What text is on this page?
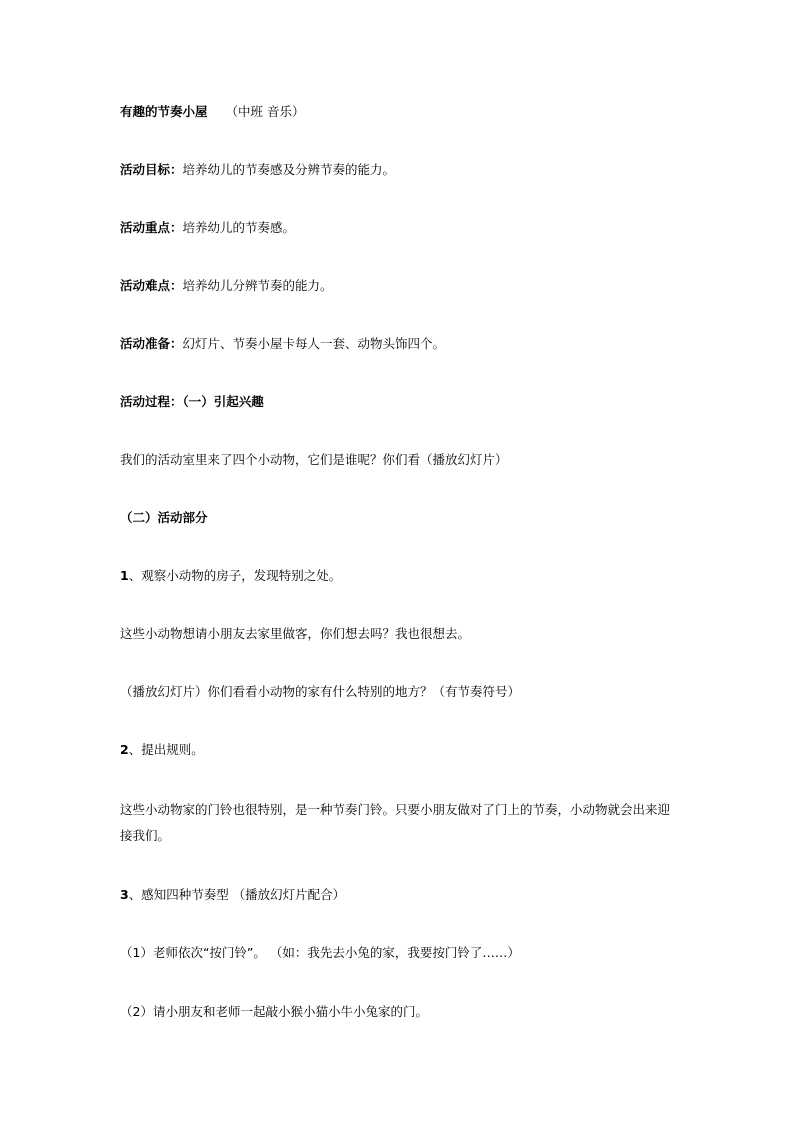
有趣的节奏小屋 （中班 音乐）
活动目标：培养幼儿的节奏感及分辨节奏的能力。
活动重点：培养幼儿的节奏感。
活动难点：培养幼儿分辨节奏的能力。
活动准备：幻灯片、节奏小屋卡每人一套、动物头饰四个。
活动过程：（一）引起兴趣
我们的活动室里来了四个小动物，它们是谁呢？你们看（播放幻灯片）
（二）活动部分
1、观察小动物的房子，发现特别之处。
这些小动物想请小朋友去家里做客，你们想去吗？我也很想去。
（播放幻灯片）你们看看小动物的家有什么特别的地方？（有节奏符号）
2、提出规则。
这些小动物家的门铃也很特别，是一种节奏门铃。只要小朋友做对了门上的节奏，小动物就会出来迎接我们。
3、感知四种节奏型 （播放幻灯片配合）
（1）老师依次“按门铃”。 （如：我先去小兔的家，我要按门铃了……）
（2）请小朋友和老师一起敲小猴小猫小牛小兔家的门。
